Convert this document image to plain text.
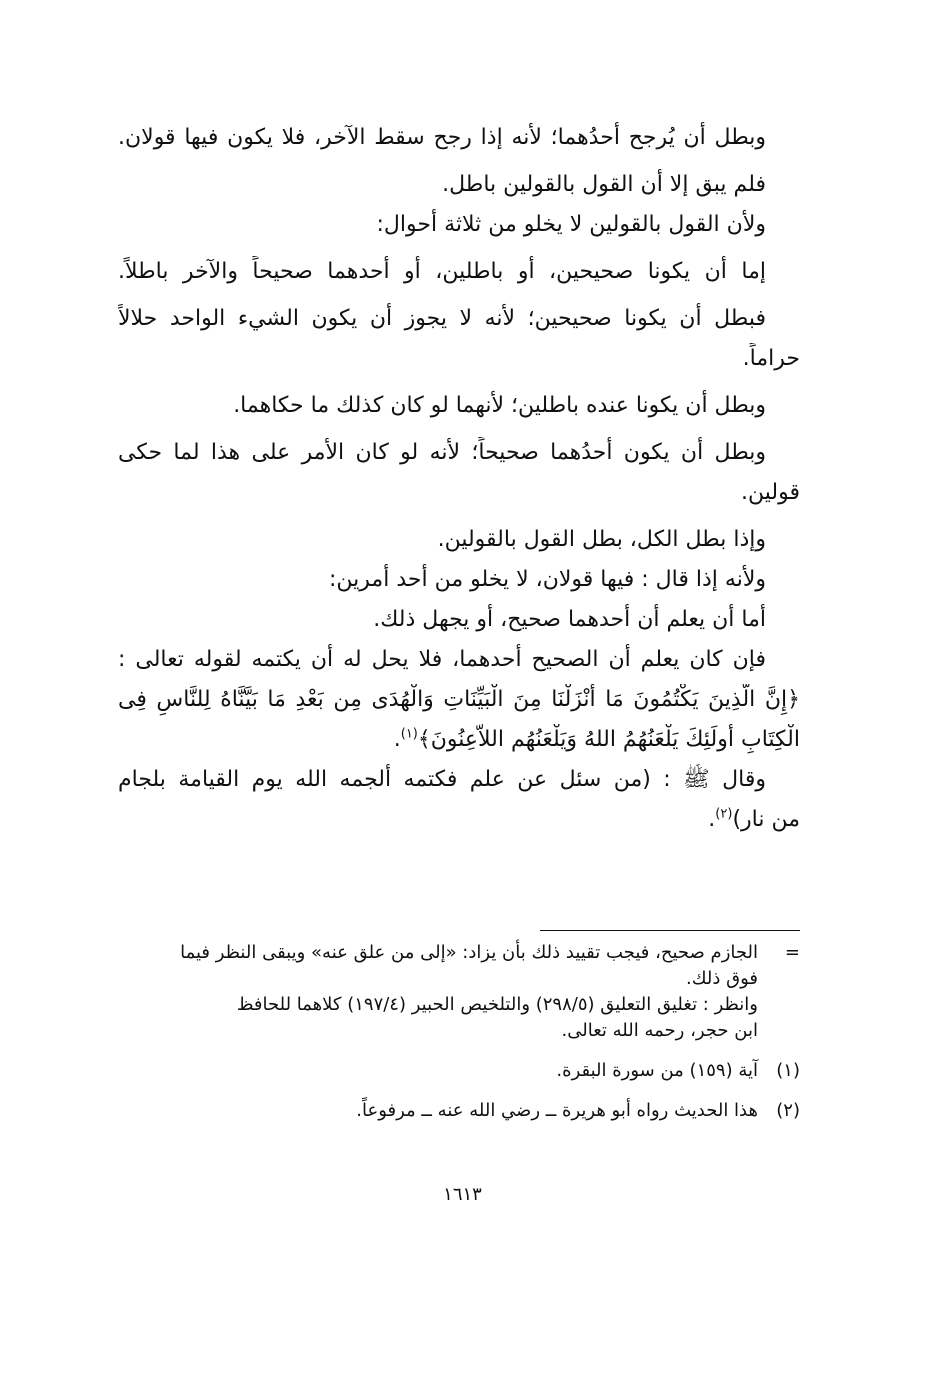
وبطل أن يُرجح أحدُهما؛ لأنه إذا رجح سقط الآخر، فلا يكون فيها قولان.
فلم يبق إلا أن القول بالقولين باطل.
ولأن القول بالقولين لا يخلو من ثلاثة أحوال:
إما أن يكونا صحيحين، أو باطلين، أو أحدهما صحيحاً والآخر باطلاً.
فبطل أن يكونا صحيحين؛ لأنه لا يجوز أن يكون الشيء الواحد حلالاً
حراماً.
وبطل أن يكونا عنده باطلين؛ لأنهما لو كان كذلك ما حكاهما.
وبطل أن يكون أحدُهما صحيحاً؛ لأنه لو كان الأمر على هذا لما حكى
قولين.
وإذا بطل الكل، بطل القول بالقولين.
ولأنه إذا قال : فيها قولان، لا يخلو من أحد أمرين:
أما أن يعلم أن أحدهما صحيح، أو يجهل ذلك.
فإن كان يعلم أن الصحيح أحدهما، فلا يحل له أن يكتمه لقوله تعالى :
﴿إِنَّ الَّذِينَ يَكْتُمُونَ مَا أَنْزَلْنَا مِنَ الْبَيِّنَاتِ وَالْهُدَى مِن بَعْدِ مَا بَيَّنَّاهُ لِلنَّاسِ فِى
الْكِتَابِ أُولَئِكَ يَلْعَنُهُمُ اللهُ وَيَلْعَنُهُم اللاَّعِنُونَ﴾$^{(١)}$.
وقال ﷺ : (من سئل عن علم فكتمه ألجمه الله يوم القيامة بلجام
من نار)$^{(٢)}$.
=
الجازم صحيح، فيجب تقييد ذلك بأن يزاد: «إلى من علق عنه» ويبقى النظر فيما
فوق ذلك.
وانظر : تغليق التعليق (٢٩٨/٥) والتلخيص الحبير (١٩٧/٤) كلاهما للحافظ
ابن حجر، رحمه الله تعالى.
(١)
آية (١٥٩) من سورة البقرة.
(٢)
هذا الحديث رواه أبو هريرة ــ رضي الله عنه ــ مرفوعاً.
١٦١٣
